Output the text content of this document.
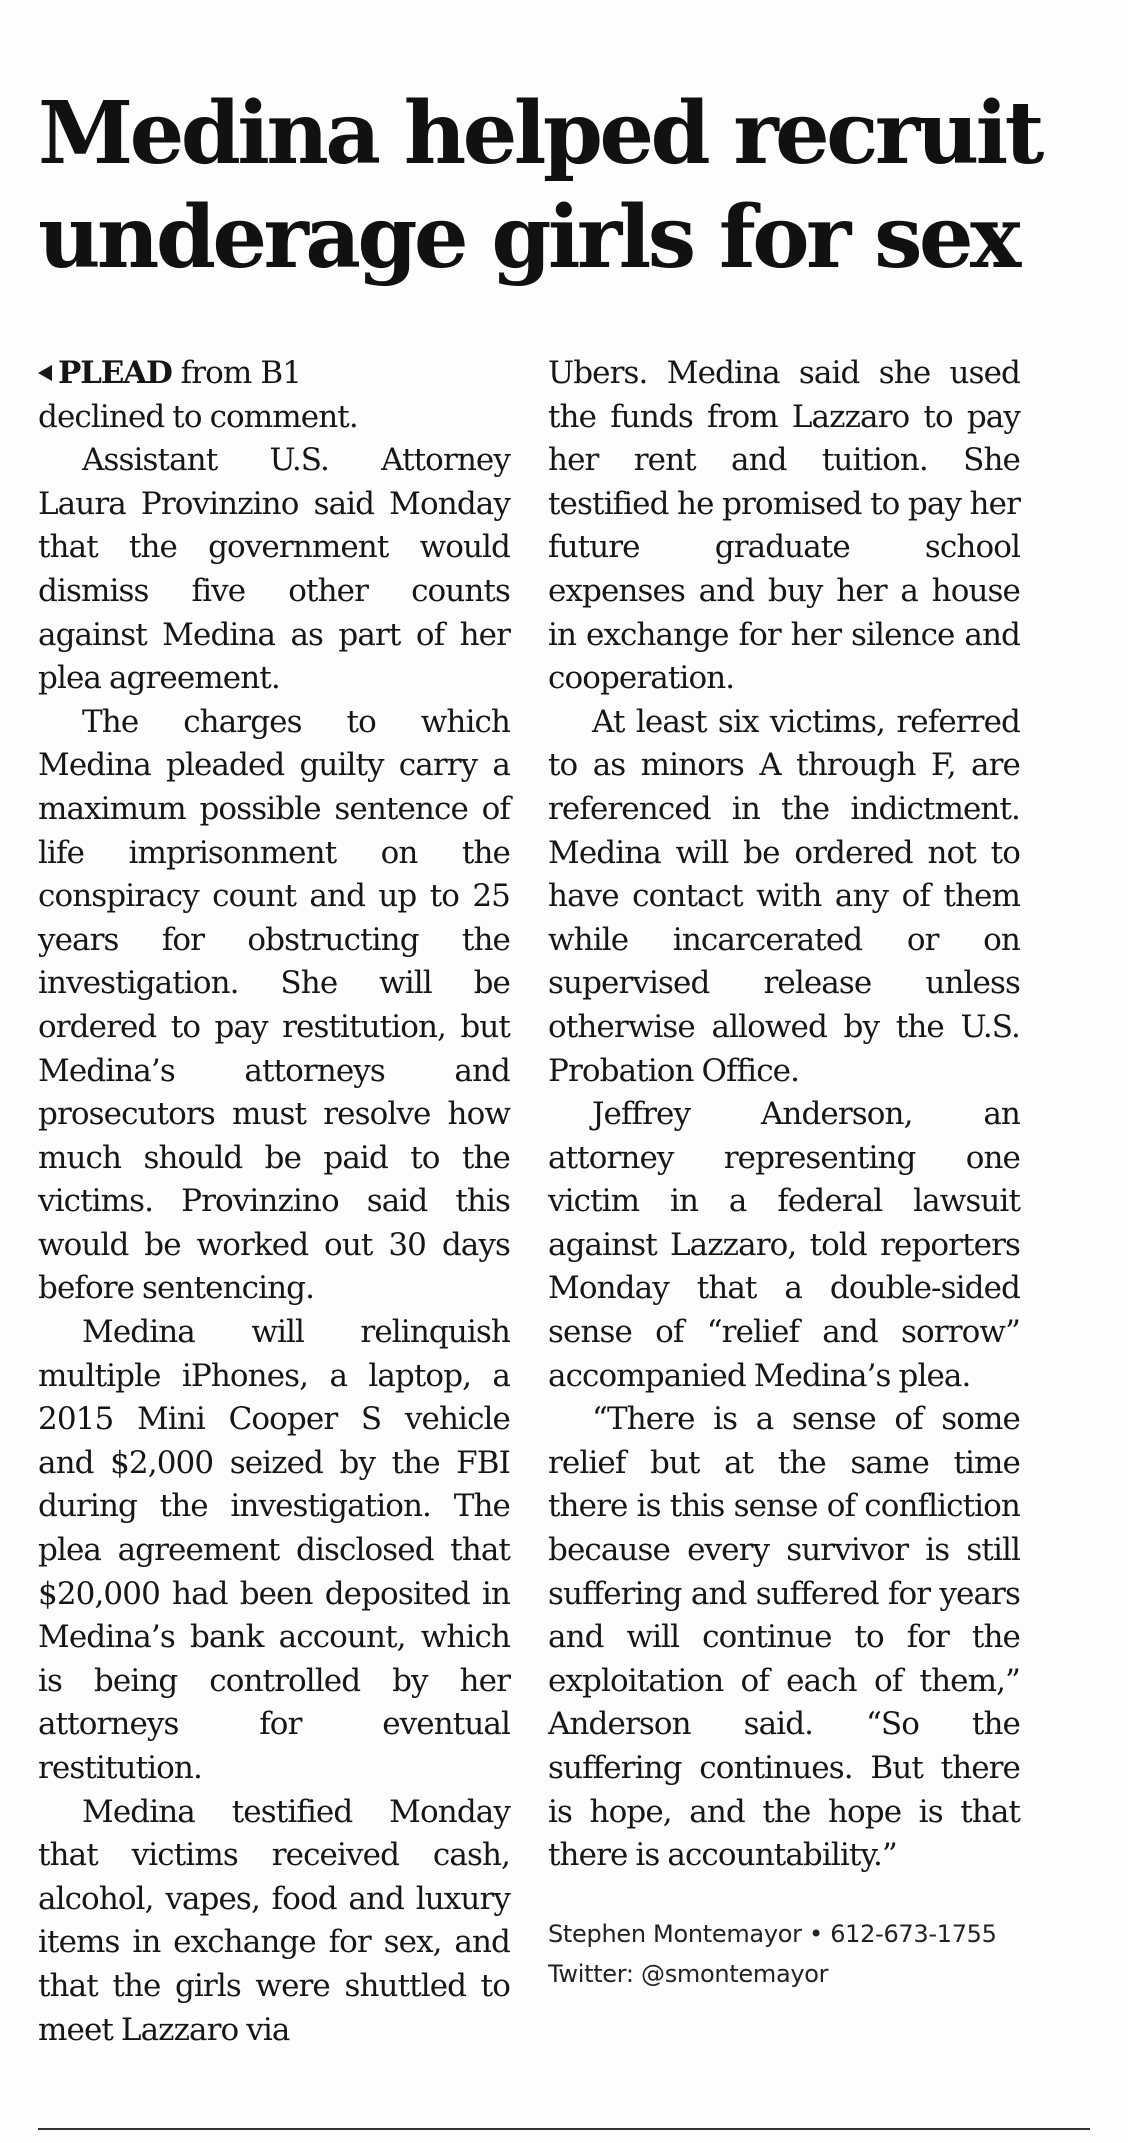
Medina helped recruit
underage girls for sex

PLEAD from B1

declined to comment.

Assistant U.S. Attorney Laura Provinzino said Monday that the government would dismiss five other counts against Medina as part of her plea agreement.

The charges to which Medina pleaded guilty carry a maximum possible sentence of life imprisonment on the conspiracy count and up to 25 years for obstructing the investigation. She will be ordered to pay restitution, but Medina’s attorneys and prosecutors must resolve how much should be paid to the victims. Provinzino said this would be worked out 30 days before sentencing.

Medina will relinquish multiple iPhones, a laptop, a 2015 Mini Cooper S vehicle and $2,000 seized by the FBI during the investigation. The plea agreement disclosed that $20,000 had been deposited in Medina’s bank account, which is being controlled by her attorneys for eventual restitution.

Medina testified Monday that victims received cash, alcohol, vapes, food and luxury items in exchange for sex, and that the girls were shuttled to meet Lazzaro via

Ubers. Medina said she used the funds from Lazzaro to pay her rent and tuition. She testified he promised to pay her future graduate school expenses and buy her a house in exchange for her silence and cooperation.

At least six victims, referred to as minors A through F, are referenced in the indictment. Medina will be ordered not to have contact with any of them while incarcerated or on supervised release unless otherwise allowed by the U.S. Probation Office.

Jeffrey Anderson, an attorney representing one victim in a federal lawsuit against Lazzaro, told reporters Monday that a double-sided sense of “relief and sorrow” accompanied Medina’s plea.

“There is a sense of some relief but at the same time there is this sense of confliction because every survivor is still suffering and suffered for years and will continue to for the exploitation of each of them,” Anderson said. “So the suffering continues. But there is hope, and the hope is that there is accountability.”

Stephen Montemayor • 612-673-1755
Twitter: @smontemayor
